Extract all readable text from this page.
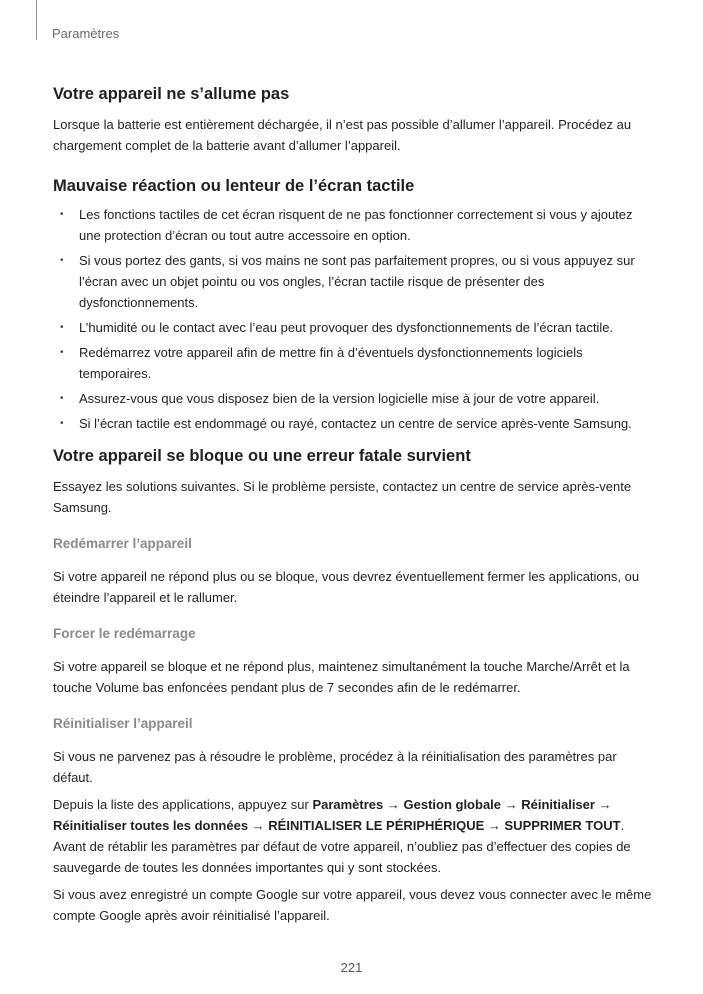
Paramètres
Votre appareil ne s’allume pas

Lorsque la batterie est entièrement déchargée, il n’est pas possible d’allumer l’appareil. Procédez au chargement complet de la batterie avant d’allumer l’appareil.

Mauvaise réaction ou lenteur de l’écran tactile
• Les fonctions tactiles de cet écran risquent de ne pas fonctionner correctement si vous y ajoutez une protection d’écran ou tout autre accessoire en option.
• Si vous portez des gants, si vos mains ne sont pas parfaitement propres, ou si vous appuyez sur l’écran avec un objet pointu ou vos ongles, l’écran tactile risque de présenter des dysfonctionnements.
• L’humidité ou le contact avec l’eau peut provoquer des dysfonctionnements de l’écran tactile.
• Redémarrez votre appareil afin de mettre fin à d’éventuels dysfonctionnements logiciels temporaires.
• Assurez-vous que vous disposez bien de la version logicielle mise à jour de votre appareil.
• Si l’écran tactile est endommagé ou rayé, contactez un centre de service après-vente Samsung.
Votre appareil se bloque ou une erreur fatale survient

Essayez les solutions suivantes. Si le problème persiste, contactez un centre de service après-vente Samsung.

Redémarrer l’appareil

Si votre appareil ne répond plus ou se bloque, vous devrez éventuellement fermer les applications, ou éteindre l’appareil et le rallumer.

Forcer le redémarrage

Si votre appareil se bloque et ne répond plus, maintenez simultanément la touche Marche/Arrêt et la touche Volume bas enfoncées pendant plus de 7 secondes afin de le redémarrer.

Réinitialiser l’appareil

Si vous ne parvenez pas à résoudre le problème, procédez à la réinitialisation des paramètres par défaut.

Depuis la liste des applications, appuyez sur Paramètres → Gestion globale → Réinitialiser → Réinitialiser toutes les données → RÉINITIALISER LE PÉRIPHÉRIQUE → SUPPRIMER TOUT. Avant de rétablir les paramètres par défaut de votre appareil, n’oubliez pas d’effectuer des copies de sauvegarde de toutes les données importantes qui y sont stockées.

Si vous avez enregistré un compte Google sur votre appareil, vous devez vous connecter avec le même compte Google après avoir réinitialisé l’appareil.

221
